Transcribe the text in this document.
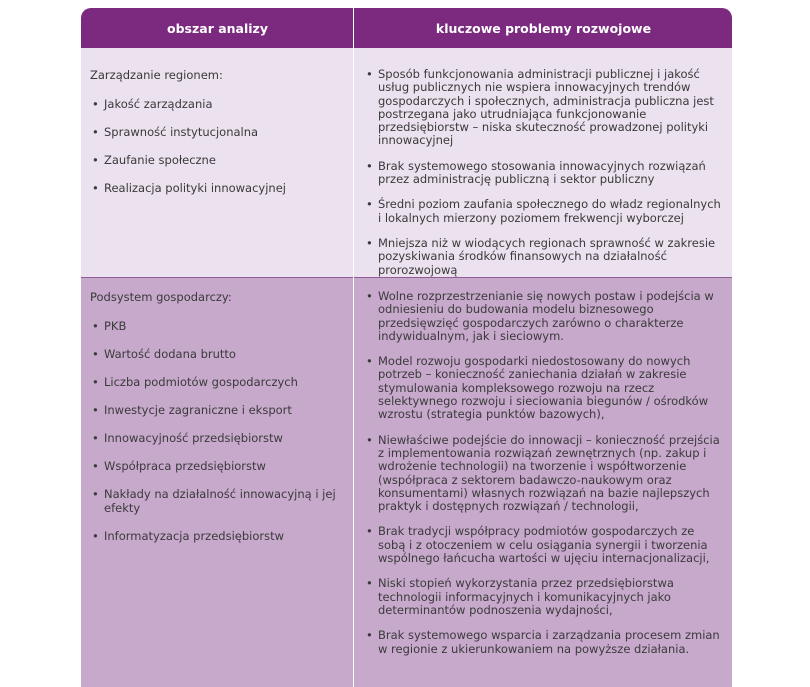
obszar analizy	kluczowe problemy rozwojowe
Zarządzanie regionem:
• Jakość zarządzania
• Sprawność instytucjonalna
• Zaufanie społeczne
• Realizacja polityki innowacyjnej
• Sposób funkcjonowania administracji publicznej i jakość usług publicznych nie wspiera innowacyjnych trendów gospodarczych i społecznych, administracja publiczna jest postrzegana jako utrudniająca funkcjonowanie przedsiębiorstw – niska skuteczność prowadzonej polityki innowacyjnej
• Brak systemowego stosowania innowacyjnych rozwiązań przez administrację publiczną i sektor publiczny
• Średni poziom zaufania społecznego do władz regionalnych i lokalnych mierzony poziomem frekwencji wyborczej
• Mniejsza niż w wiodących regionach sprawność w zakresie pozyskiwania środków finansowych na działalność prorozwojową
Podsystem gospodarczy:
• PKB
• Wartość dodana brutto
• Liczba podmiotów gospodarczych
• Inwestycje zagraniczne i eksport
• Innowacyjność przedsiębiorstw
• Współpraca przedsiębiorstw
• Nakłady na działalność innowacyjną i jej efekty
• Informatyzacja przedsiębiorstw
• Wolne rozprzestrzenianie się nowych postaw i podejścia w odniesieniu do budowania modelu biznesowego przedsięwzięć gospodarczych zarówno o charakterze indywidualnym, jak i sieciowym.
• Model rozwoju gospodarki niedostosowany do nowych potrzeb – konieczność zaniechania działań w zakresie stymulowania kompleksowego rozwoju na rzecz selektywnego rozwoju i sieciowania biegunów / ośrodków wzrostu (strategia punktów bazowych),
• Niewłaściwe podejście do innowacji – konieczność przejścia z implementowania rozwiązań zewnętrznych (np. zakup i wdrożenie technologii) na tworzenie i współtworzenie (współpraca z sektorem badawczo-naukowym oraz konsumentami) własnych rozwiązań na bazie najlepszych praktyk i dostępnych rozwiązań / technologii,
• Brak tradycji współpracy podmiotów gospodarczych ze sobą i z otoczeniem w celu osiągania synergii i tworzenia wspólnego łańcucha wartości w ujęciu internacjonalizacji,
• Niski stopień wykorzystania przez przedsiębiorstwa technologii informacyjnych i komunikacyjnych jako determinantów podnoszenia wydajności,
• Brak systemowego wsparcia i zarządzania procesem zmian w regionie z ukierunkowaniem na powyższe działania.
